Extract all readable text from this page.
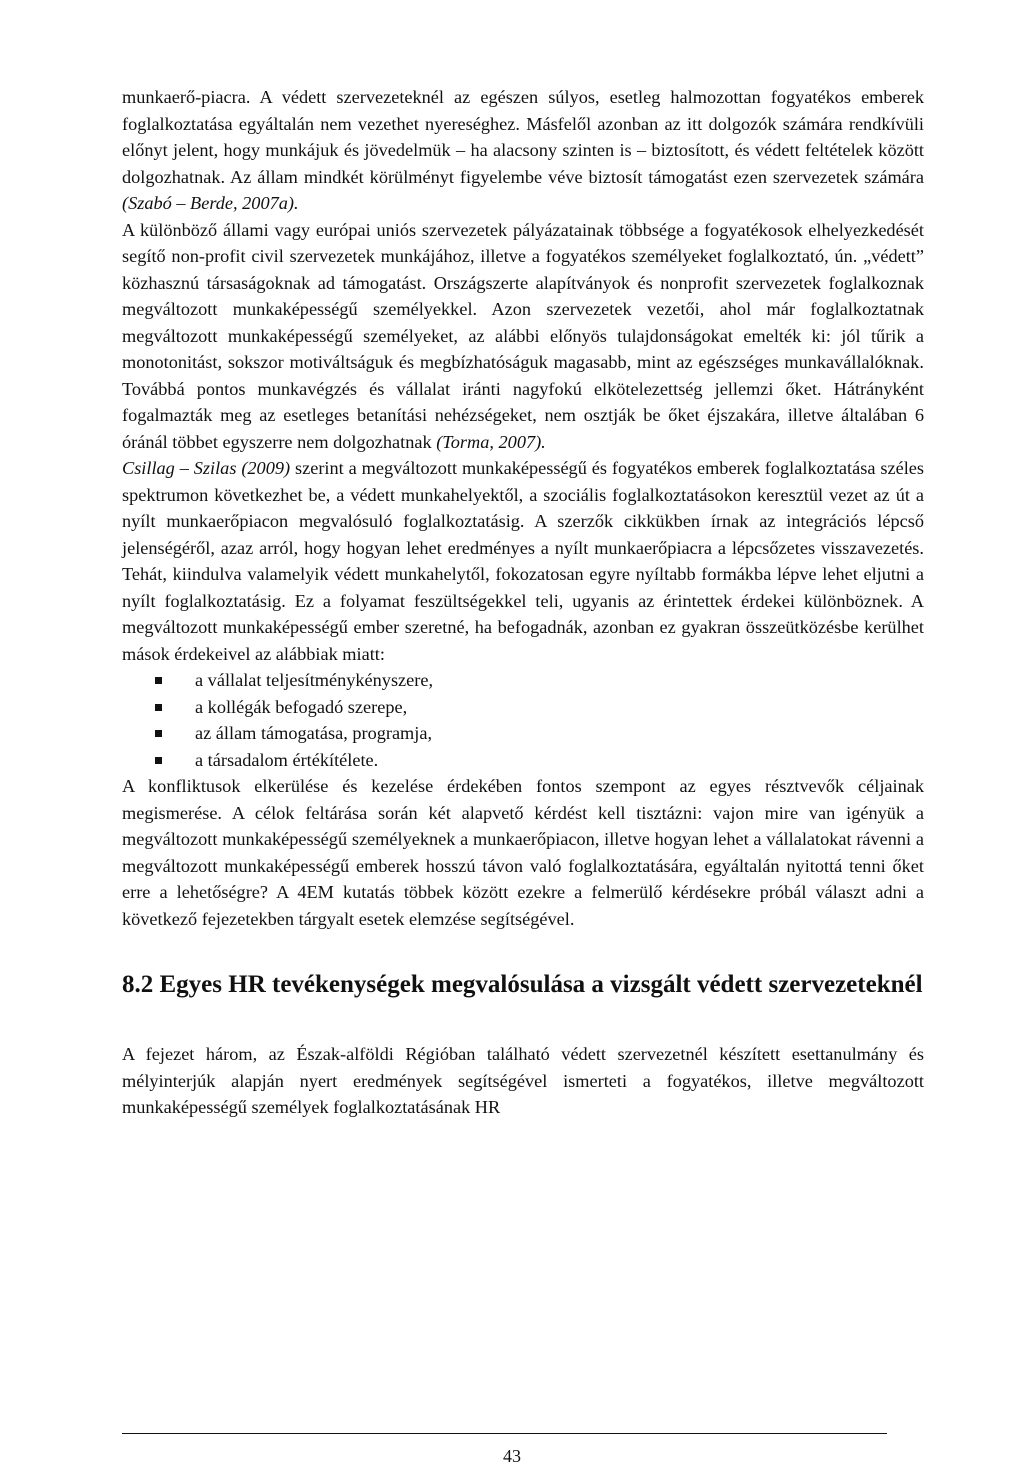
munkaerő-piacra. A védett szervezeteknél az egészen súlyos, esetleg halmozottan fogyatékos emberek foglalkoztatása egyáltalán nem vezethet nyereséghez. Másfelől azonban az itt dolgozók számára rendkívüli előnyt jelent, hogy munkájuk és jövedelmük – ha alacsony szinten is – biztosított, és védett feltételek között dolgozhatnak. Az állam mindkét körülményt figyelembe véve biztosít támogatást ezen szervezetek számára (Szabó – Berde, 2007a).

A különböző állami vagy európai uniós szervezetek pályázatainak többsége a fogyatékosok elhelyezkedését segítő non-profit civil szervezetek munkájához, illetve a fogyatékos személyeket foglalkoztató, ún. „védett” közhasznú társaságoknak ad támogatást. Országszerte alapítványok és nonprofit szervezetek foglalkoznak megváltozott munkaképességű személyekkel. Azon szervezetek vezetői, ahol már foglalkoztatnak megváltozott munkaképességű személyeket, az alábbi előnyös tulajdonságokat emelték ki: jól tűrik a monotonitást, sokszor motiváltságuk és megbízhatóságuk magasabb, mint az egészséges munkavállalóknak. Továbbá pontos munkavégzés és vállalat iránti nagyfokú elkötelezettség jellemzi őket. Hátrányként fogalmazták meg az esetleges betanítási nehézségeket, nem osztják be őket éjszakára, illetve általában 6 óránál többet egyszerre nem dolgozhatnak (Torma, 2007).

Csillag – Szilas (2009) szerint a megváltozott munkaképességű és fogyatékos emberek foglalkoztatása széles spektrumon következhet be, a védett munkahelyektől, a szociális foglalkoztatásokon keresztül vezet az út a nyílt munkaerőpiacon megvalósuló foglalkoztatásig. A szerzők cikkükben írnak az integrációs lépcső jelenségéről, azaz arról, hogy hogyan lehet eredményes a nyílt munkaerőpiacra a lépcsőzetes visszavezetés. Tehát, kiindulva valamelyik védett munkahelytől, fokozatosan egyre nyíltabb formákba lépve lehet eljutni a nyílt foglalkoztatásig. Ez a folyamat feszültségekkel teli, ugyanis az érintettek érdekei különböznek. A megváltozott munkaképességű ember szeretné, ha befogadnák, azonban ez gyakran összeütközésbe kerülhet mások érdekeivel az alábbiak miatt:

a vállalat teljesítménykényszere,
a kollégák befogadó szerepe,
az állam támogatása, programja,
a társadalom értékítélete.

A konfliktusok elkerülése és kezelése érdekében fontos szempont az egyes résztvevők céljainak megismerése. A célok feltárása során két alapvető kérdést kell tisztázni: vajon mire van igényük a megváltozott munkaképességű személyeknek a munkaerőpiacon, illetve hogyan lehet a vállalatokat rávenni a megváltozott munkaképességű emberek hosszú távon való foglalkoztatására, egyáltalán nyitottá tenni őket erre a lehetőségre? A 4EM kutatás többek között ezekre a felmerülő kérdésekre próbál választ adni a következő fejezetekben tárgyalt esetek elemzése segítségével.

8.2 Egyes HR tevékenységek megvalósulása a vizsgált védett szervezeteknél

A fejezet három, az Észak-alföldi Régióban található védett szervezetnél készített esettanulmány és mélyinterjúk alapján nyert eredmények segítségével ismerteti a fogyatékos, illetve megváltozott munkaképességű személyek foglalkoztatásának HR

43
